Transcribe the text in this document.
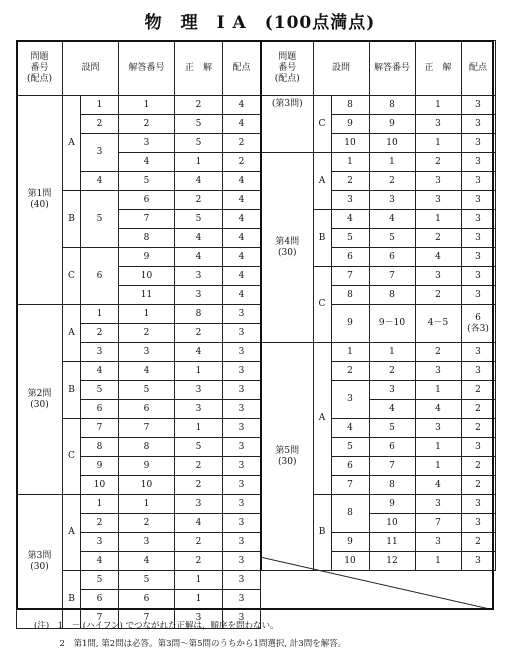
物　理　I A　(100点満点)
問題
番号
(配点)	設問		解答番号	正　解	配点
第1問
(40)	A	1	1	2	4
		2	2	5	4
		3	3	5	2
			4	1	2
		4	5	4	4
	B	5	6	2	4
			7	5	4
			8	4	4
	C	6	9	4	4
			10	3	4
			11	3	4
第2問
(30)	A	1	1	8	3
		2	2	2	3
		3	3	4	3
	B	4	4	1	3
		5	5	3	3
		6	6	3	3
	C	7	7	1	3
		8	8	5	3
		9	9	2	3
		10	10	2	3
第3問
(30)	A	1	1	3	3
		2	2	4	3
		3	3	2	3
		4	4	2	3
	B	5	5	1	3
		6	6	1	3
		7	7	3	3
問題
番号
(配点)	設問		解答番号	正　解	配点
(第3問)	C	8	8	1	3
		9	9	3	3
		10	10	1	3
第4問
(30)	A	1	1	2	3
		2	2	3	3
		3	3	3	3
	B	4	4	1	3
		5	5	2	3
		6	6	4	3
	C	7	7	3	3
		8	8	2	3
		9	9－10	4－5	6
(各3)
第5問
(30)	A	1	1	2	3
		2	2	3	3
		3	3	1	2
			4	4	2
		4	5	3	2
		5	6	1	3
		6	7	1	2
		7	8	4	2
	B	8	9	3	3
			10	7	3
		9	11	3	2
		10	12	1	3
(注)　 1　 － (ハイフン) でつながれた正解は，順序を問わない。
　　　2　 第1問, 第2問は必答。第3問～第5問のうちから1問選択, 計3問を解答。
